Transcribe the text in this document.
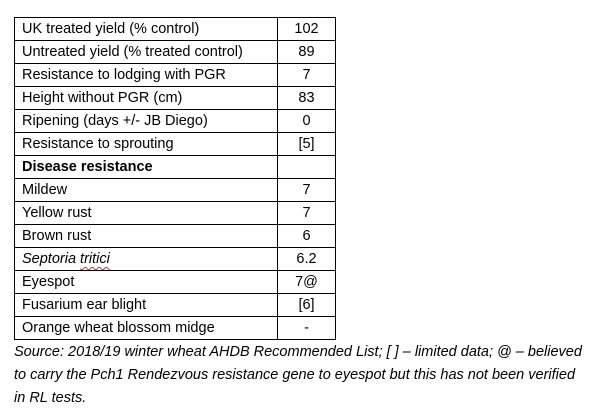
UK treated yield (% control)	102
Untreated yield (% treated control)	89
Resistance to lodging with PGR	7
Height without PGR (cm)	83
Ripening (days +/- JB Diego)	0
Resistance to sprouting	[5]
Disease resistance	
Mildew	7
Yellow rust	7
Brown rust	6
Septoria tritici	6.2
Eyespot	7@
Fusarium ear blight	[6]
Orange wheat blossom midge	-

Source: 2018/19 winter wheat AHDB Recommended List; [ ] – limited data; @ – believed to carry the Pch1 Rendezvous resistance gene to eyespot but this has not been verified in RL tests.
